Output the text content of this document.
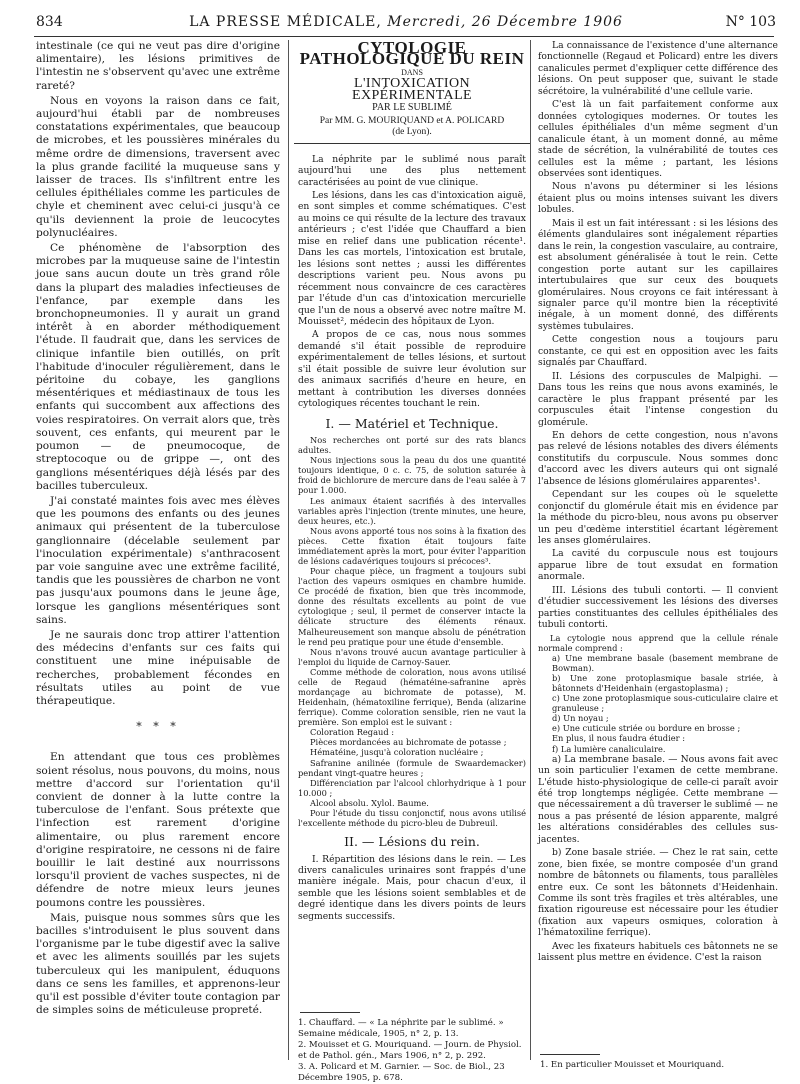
834	LA PRESSE MÉDICALE, Mercredi, 26 Décembre 1906	N° 103

intestinale (ce qui ne veut pas dire d'origine alimentaire), les lésions primitives de l'intestin ne s'observent qu'avec une extrême rareté?

Nous en voyons la raison dans ce fait, aujourd'hui établi par de nombreuses constatations expérimentales, que beaucoup de microbes, et les poussières minérales du même ordre de dimensions, traversent avec la plus grande facilité la muqueuse sans y laisser de traces. Ils s'infiltrent entre les cellules épithéliales comme les particules de chyle et cheminent avec celui-ci jusqu'à ce qu'ils deviennent la proie de leucocytes polynucléaires.

Ce phénomène de l'absorption des microbes par la muqueuse saine de l'intestin joue sans aucun doute un très grand rôle dans la plupart des maladies infectieuses de l'enfance, par exemple dans les bronchopneumonies. Il y aurait un grand intérêt à en aborder méthodiquement l'étude. Il faudrait que, dans les services de clinique infantile bien outillés, on prît l'habitude d'inoculer régulièrement, dans le péritoine du cobaye, les ganglions mésentériques et médiastinaux de tous les enfants qui succombent aux affections des voies respiratoires. On verrait alors que, très souvent, ces enfants, qui meurent par le poumon — de pneumocoque, de streptocoque ou de grippe —, ont des ganglions mésentériques déjà lésés par des bacilles tuberculeux.

J'ai constaté maintes fois avec mes élèves que les poumons des enfants ou des jeunes animaux qui présentent de la tuberculose ganglionnaire (décelable seulement par l'inoculation expérimentale) s'anthracosent par voie sanguine avec une extrême facilité, tandis que les poussières de charbon ne vont pas jusqu'aux poumons dans le jeune âge, lorsque les ganglions mésentériques sont sains.

Je ne saurais donc trop attirer l'attention des médecins d'enfants sur ces faits qui constituent une mine inépuisable de recherches, probablement fécondes en résultats utiles au point de vue thérapeutique.

* * *

En attendant que tous ces problèmes soient résolus, nous pouvons, du moins, nous mettre d'accord sur l'orientation qu'il convient de donner à la lutte contre la tuberculose de l'enfant. Sous prétexte que l'infection est rarement d'origine alimentaire, ou plus rarement encore d'origine respiratoire, ne cessons ni de faire bouillir le lait destiné aux nourrissons lorsqu'il provient de vaches suspectes, ni de défendre de notre mieux leurs jeunes poumons contre les poussières.

Mais, puisque nous sommes sûrs que les bacilles s'introduisent le plus souvent dans l'organisme par le tube digestif avec la salive et avec les aliments souillés par les sujets tuberculeux qui les manipulent, éduquons dans ce sens les familles, et apprenons-leur qu'il est possible d'éviter toute contagion par de simples soins de méticuleuse propreté.

CYTOLOGIE PATHOLOGIQUE DU REIN
DANS
L'INTOXICATION EXPÉRIMENTALE
PAR LE SUBLIMÉ
Par MM. G. MOURIQUAND et A. POLICARD
(de Lyon).

La néphrite par le sublimé nous paraît aujourd'hui une des plus nettement caractérisées au point de vue clinique.

Les lésions, dans les cas d'intoxication aiguë, en sont simples et comme schématiques. C'est au moins ce qui résulte de la lecture des travaux antérieurs ; c'est l'idée que Chauffard a bien mise en relief dans une publication récente¹. Dans les cas mortels, l'intoxication est brutale, les lésions sont nettes ; aussi les différentes descriptions varient peu. Nous avons pu récemment nous convaincre de ces caractères par l'étude d'un cas d'intoxication mercurielle que l'un de nous a observé avec notre maître M. Mouisset², médecin des hôpitaux de Lyon.

A propos de ce cas, nous nous sommes demandé s'il était possible de reproduire expérimentalement de telles lésions, et surtout s'il était possible de suivre leur évolution sur des animaux sacrifiés d'heure en heure, en mettant à contribution les diverses données cytologiques récentes touchant le rein.

I. — Matériel et Technique.

Nos recherches ont porté sur des rats blancs adultes.

Nous injections sous la peau du dos une quantité toujours identique, 0 c. c. 75, de solution saturée à froid de bichlorure de mercure dans de l'eau salée à 7 pour 1.000.

Les animaux étaient sacrifiés à des intervalles variables après l'injection (trente minutes, une heure, deux heures, etc.).

Nous avons apporté tous nos soins à la fixation des pièces. Cette fixation était toujours faite immédiatement après la mort, pour éviter l'apparition de lésions cadavériques toujours si précoces³.

Pour chaque pièce, un fragment a toujours subi l'action des vapeurs osmiques en chambre humide. Ce procédé de fixation, bien que très incommode, donne des résultats excellents au point de vue cytologique ; seul, il permet de conserver intacte la délicate structure des éléments rénaux. Malheureusement son manque absolu de pénétration le rend peu pratique pour une étude d'ensemble.

Nous n'avons trouvé aucun avantage particulier à l'emploi du liquide de Carnoy-Sauer.

Comme méthode de coloration, nous avons utilisé celle de Regaud (hématéine-safranine après mordançage au bichromate de potasse), M. Heidenhain, (hématoxiline ferrique), Benda (alizarine ferrique). Comme coloration sensible, rien ne vaut la première. Son emploi est le suivant :

Coloration Regaud :

Pièces mordancées au bichromate de potasse ;

Hématéine, jusqu'à coloration nucléaire ;

Safranine anilinée (formule de Swaardemacker) pendant vingt-quatre heures ;

Différenciation par l'alcool chlorhydrique à 1 pour 10.000 ;

Alcool absolu. Xylol. Baume.

Pour l'étude du tissu conjonctif, nous avons utilisé l'excellente méthode du picro-bleu de Dubreuil.

II. — Lésions du rein.

I. Répartition des lésions dans le rein. — Les divers canalicules urinaires sont frappés d'une manière inégale. Mais, pour chacun d'eux, il semble que les lésions soient semblables et de degré identique dans les divers points de leurs segments successifs.

1. Chauffard. — « La néphrite par le sublimé. » Semaine médicale, 1905, n° 2, p. 13.
2. Mouisset et G. Mouriquand. — Journ. de Physiol. et de Pathol. gén., Mars 1906, n° 2, p. 292.
3. A. Policard et M. Garnier. — Soc. de Biol., 23 Décembre 1905, p. 678.

La connaissance de l'existence d'une alternance fonctionnelle (Regaud et Policard) entre les divers canalicules permet d'expliquer cette différence des lésions. On peut supposer que, suivant le stade sécrétoire, la vulnérabilité d'une cellule varie.

C'est là un fait parfaitement conforme aux données cytologiques modernes. Or toutes les cellules épithéliales d'un même segment d'un canalicule étant, à un moment donné, au même stade de sécrétion, la vulnérabilité de toutes ces cellules est la même ; partant, les lésions observées sont identiques.

Nous n'avons pu déterminer si les lésions étaient plus ou moins intenses suivant les divers lobules.

Mais il est un fait intéressant : si les lésions des éléments glandulaires sont inégalement réparties dans le rein, la congestion vasculaire, au contraire, est absolument généralisée à tout le rein. Cette congestion porte autant sur les capillaires intertubulaires que sur ceux des bouquets glomérulaires. Nous croyons ce fait intéressant à signaler parce qu'il montre bien la réceptivité inégale, à un moment donné, des différents systèmes tubulaires.

Cette congestion nous a toujours paru constante, ce qui est en opposition avec les faits signalés par Chauffard.

II. Lésions des corpuscules de Malpighi. — Dans tous les reins que nous avons examinés, le caractère le plus frappant présenté par les corpuscules était l'intense congestion du glomérule.

En dehors de cette congestion, nous n'avons pas relevé de lésions notables des divers éléments constitutifs du corpuscule. Nous sommes donc d'accord avec les divers auteurs qui ont signalé l'absence de lésions glomérulaires apparentes¹.

Cependant sur les coupes où le squelette conjonctif du glomérule était mis en évidence par la méthode du picro-bleu, nous avons pu observer un peu d'œdème interstitiel écartant légèrement les anses glomérulaires.

La cavité du corpuscule nous est toujours apparue libre de tout exsudat en formation anormale.

III. Lésions des tubuli contorti. — Il convient d'étudier successivement les lésions des diverses parties constituantes des cellules épithéliales des tubuli contorti.

La cytologie nous apprend que la cellule rénale normale comprend :

a) Une membrane basale (basement membrane de Bowman).

b) Une zone protoplasmique basale striée, à bâtonnets d'Heidenhain (ergastoplasma) ;

c) Une zone protoplasmique sous-cuticulaire claire et granuleuse ;

d) Un noyau ;

e) Une cuticule striée ou bordure en brosse ;

En plus, il nous faudra étudier :

f) La lumière canaliculaire.

a) La membrane basale. — Nous avons fait avec un soin particulier l'examen de cette membrane. L'étude histo-physiologique de celle-ci paraît avoir été trop longtemps négligée. Cette membrane — que nécessairement a dû traverser le sublimé — ne nous a pas présenté de lésion apparente, malgré les altérations considérables des cellules sus-jacentes.

b) Zone basale striée. — Chez le rat sain, cette zone, bien fixée, se montre composée d'un grand nombre de bâtonnets ou filaments, tous parallèles entre eux. Ce sont les bâtonnets d'Heidenhain. Comme ils sont très fragiles et très altérables, une fixation rigoureuse est nécessaire pour les étudier (fixation aux vapeurs osmiques, coloration à l'hématoxiline ferrique).

Avec les fixateurs habituels ces bâtonnets ne se laissent plus mettre en évidence. C'est la raison

1. En particulier Mouisset et Mouriquand.
